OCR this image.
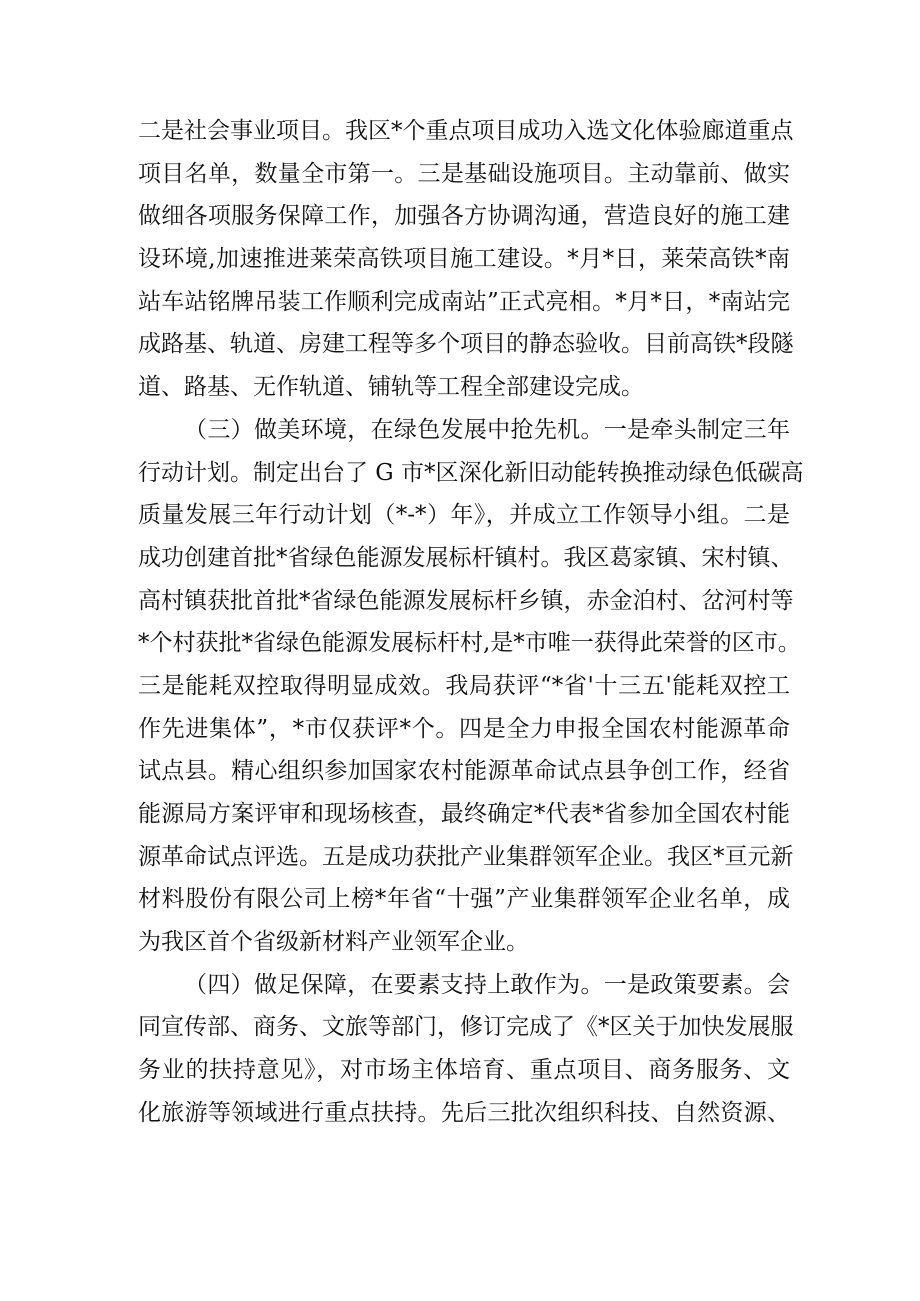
二是社会事业项目。我区*个重点项目成功入选文化体验廊道重点
项目名单，数量全市第一。三是基础设施项目。主动靠前、做实
做细各项服务保障工作，加强各方协调沟通，营造良好的施工建
设环境,加速推进莱荣高铁项目施工建设。*月*日，莱荣高铁*南
站车站铭牌吊装工作顺利完成南站”正式亮相。*月*日，*南站完
成路基、轨道、房建工程等多个项目的静态验收。目前高铁*段隧
道、路基、无作轨道、铺轨等工程全部建设完成。
（三）做美环境，在绿色发展中抢先机。一是牵头制定三年
行动计划。制定出台了 G 市*区深化新旧动能转换推动绿色低碳高
质量发展三年行动计划（*-*）年》，并成立工作领导小组。二是
成功创建首批*省绿色能源发展标杆镇村。我区葛家镇、宋村镇、
高村镇获批首批*省绿色能源发展标杆乡镇，赤金泊村、岔河村等
*个村获批*省绿色能源发展标杆村,是*市唯一获得此荣誉的区市。
三是能耗双控取得明显成效。我局获评“*省'十三五'能耗双控工
作先进集体”，*市仅获评*个。四是全力申报全国农村能源革命
试点县。精心组织参加国家农村能源革命试点县争创工作，经省
能源局方案评审和现场核查，最终确定*代表*省参加全国农村能
源革命试点评选。五是成功获批产业集群领军企业。我区*亘元新
材料股份有限公司上榜*年省“十强”产业集群领军企业名单，成
为我区首个省级新材料产业领军企业。
（四）做足保障，在要素支持上敢作为。一是政策要素。会
同宣传部、商务、文旅等部门，修订完成了《*区关于加快发展服
务业的扶持意见》，对市场主体培育、重点项目、商务服务、文
化旅游等领域进行重点扶持。先后三批次组织科技、自然资源、
